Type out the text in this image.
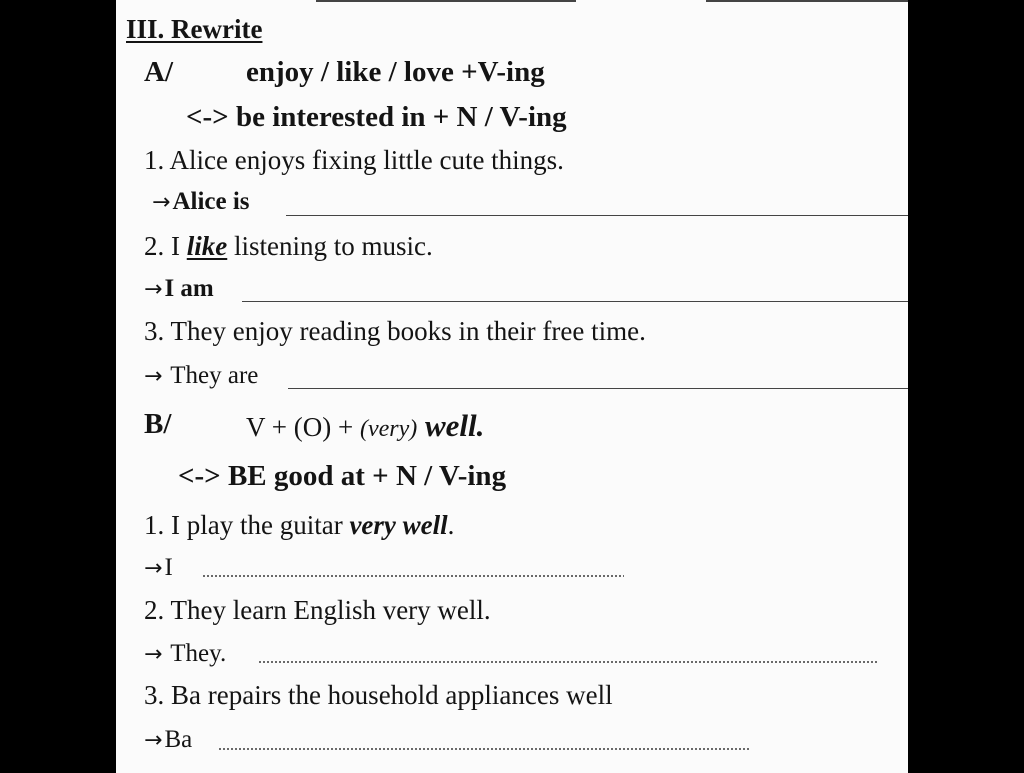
III. Rewrite
A/	enjoy / like / love +V-ing
<-> be interested in + N / V-ing
1. Alice enjoys fixing little cute things.
→Alice is
2. I like listening to music.
→I am
3. They enjoy reading books in their free time.
→ They are
B/	V + (O) + (very) well.
<-> BE good at + N / V-ing
1. I play the guitar very well.
→I
2. They learn English very well.
→ They.
3. Ba repairs the household appliances well
→Ba
